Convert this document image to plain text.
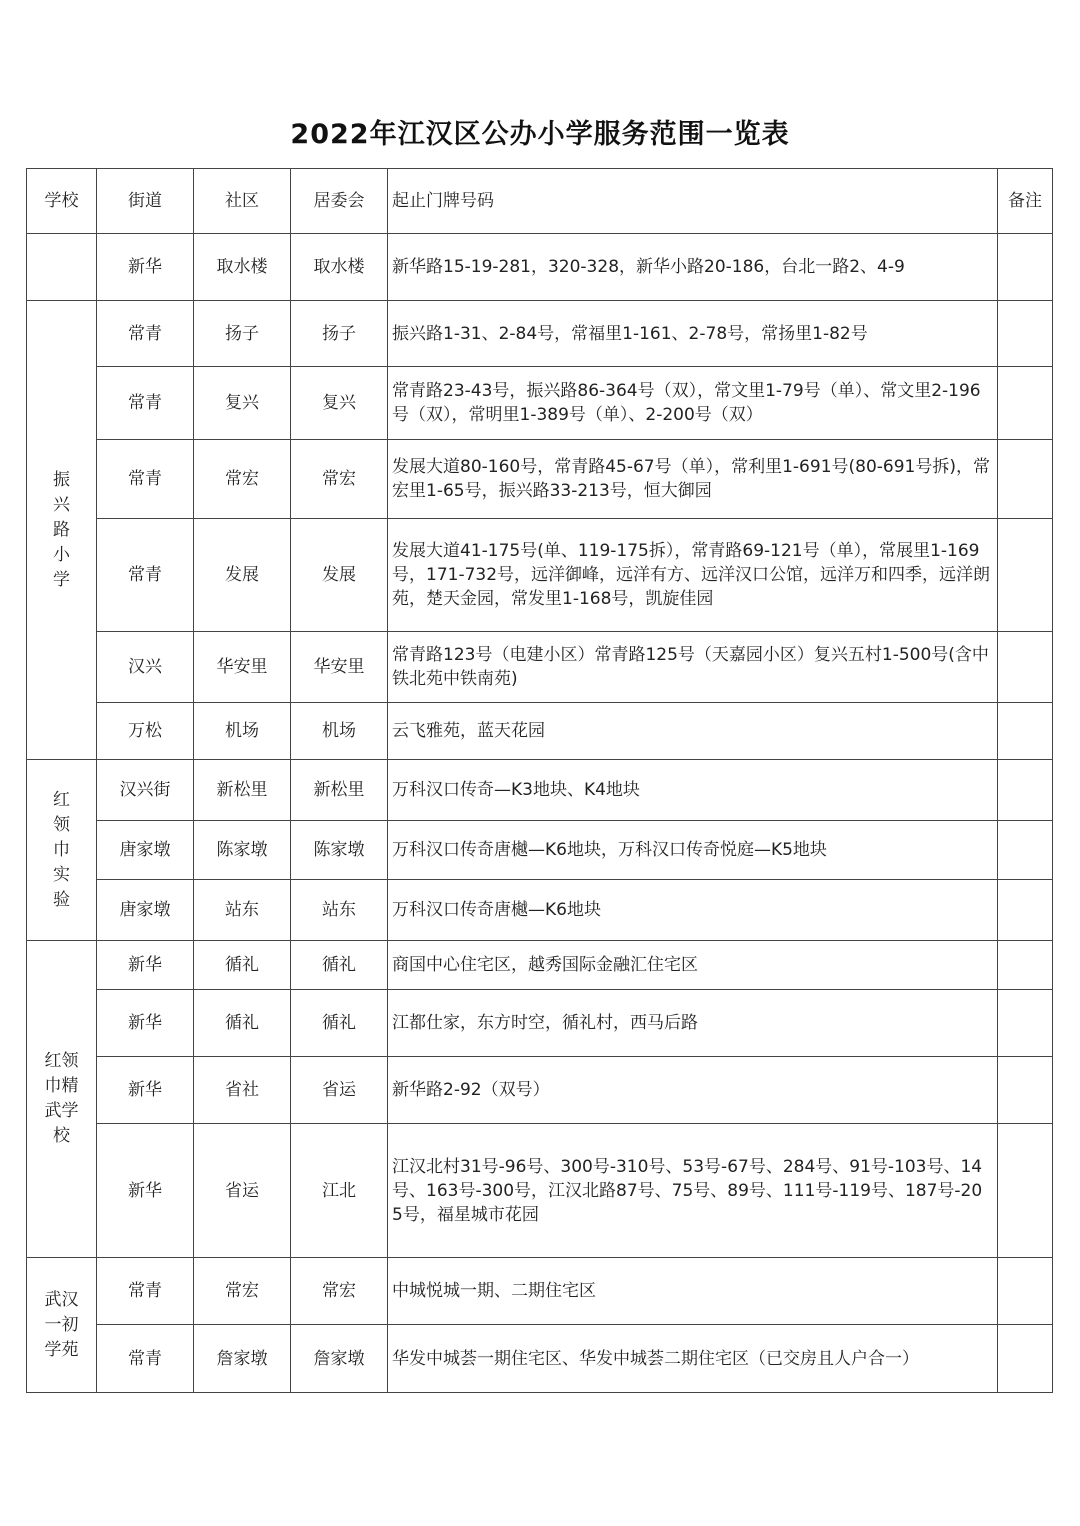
2022年江汉区公办小学服务范围一览表
学校	街道	社区	居委会	起止门牌号码	备注
	新华	取水楼	取水楼	新华路15-19-281，320-328，新华小路20-186，台北一路2、4-9	
振兴路小学	常青	扬子	扬子	振兴路1-31、2-84号，常福里1-161、2-78号，常扬里1-82号	
	常青	复兴	复兴	常青路23-43号，振兴路86-364号（双），常文里1-79号（单）、常文里2-196号（双），常明里1-389号（单）、2-200号（双）	
	常青	常宏	常宏	发展大道80-160号，常青路45-67号（单），常利里1-691号(80-691号拆)，常宏里1-65号，振兴路33-213号，恒大御园	
	常青	发展	发展	发展大道41-175号(单、119-175拆），常青路69-121号（单），常展里1-169号，171-732号，远洋御峰，远洋有方、远洋汉口公馆，远洋万和四季，远洋朗苑，楚天金园，常发里1-168号，凯旋佳园	
	汉兴	华安里	华安里	常青路123号（电建小区）常青路125号（天嘉园小区）复兴五村1-500号(含中铁北苑中铁南苑)	
	万松	机场	机场	云飞雅苑，蓝天花园	
红领巾实验	汉兴街	新松里	新松里	万科汉口传奇—K3地块、K4地块	
	唐家墩	陈家墩	陈家墩	万科汉口传奇唐樾—K6地块，万科汉口传奇悦庭—K5地块	
	唐家墩	站东	站东	万科汉口传奇唐樾—K6地块	
红领巾精武学校	新华	循礼	循礼	商国中心住宅区，越秀国际金融汇住宅区	
	新华	循礼	循礼	江都仕家，东方时空，循礼村，西马后路	
	新华	省社	省运	新华路2-92（双号）	
	新华	省运	江北	江汉北村31号-96号、300号-310号、53号-67号、284号、91号-103号、14号、163号-300号，江汉北路87号、75号、89号、111号-119号、187号-205号，福星城市花园	
武汉一初学苑	常青	常宏	常宏	中城悦城一期、二期住宅区	
	常青	詹家墩	詹家墩	华发中城荟一期住宅区、华发中城荟二期住宅区（已交房且人户合一）	
